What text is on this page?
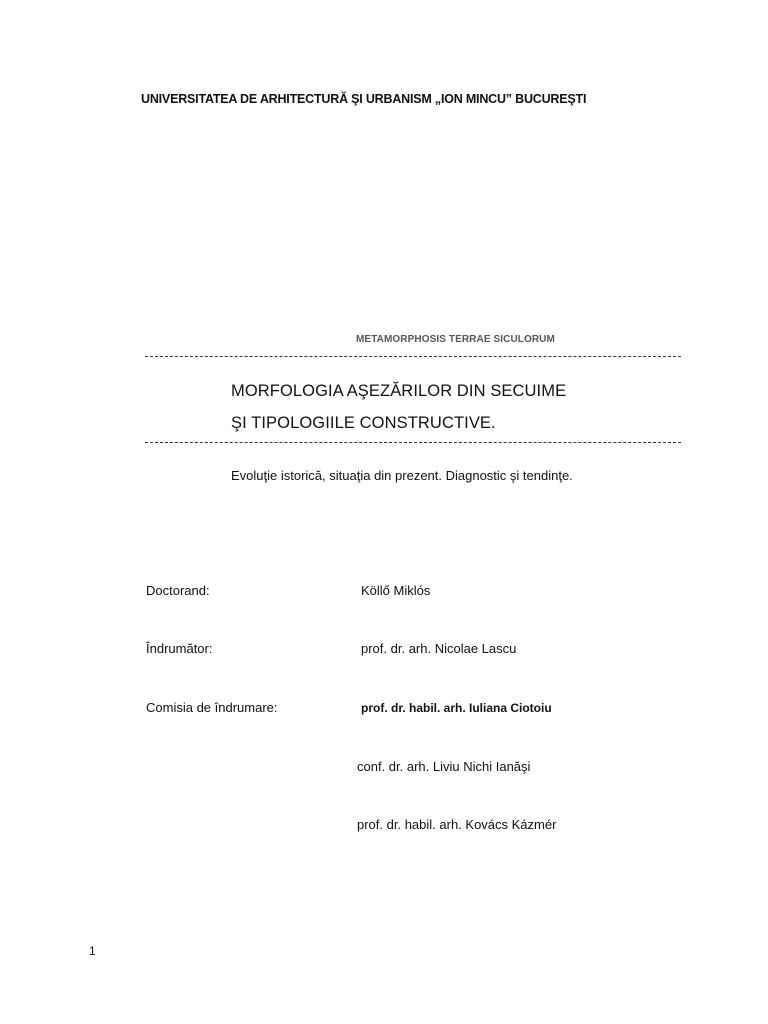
UNIVERSITATEA DE ARHITECTURĂ ŞI URBANISM „ION MINCU” BUCUREŞTI
METAMORPHOSIS TERRAE SICULORUM
MORFOLOGIA AŞEZĂRILOR DIN SECUIME
ŞI TIPOLOGIILE CONSTRUCTIVE.
Evoluţie istorică, situaţia din prezent. Diagnostic şi tendinţe.
Doctorand:	Köllő Miklós
Îndrumător:	prof. dr. arh. Nicolae Lascu
Comisia de îndrumare:	prof. dr. habil. arh. Iuliana Ciotoiu
conf. dr. arh. Liviu Nichi Ianăşi
prof. dr. habil. arh. Kovács Kázmér
1
